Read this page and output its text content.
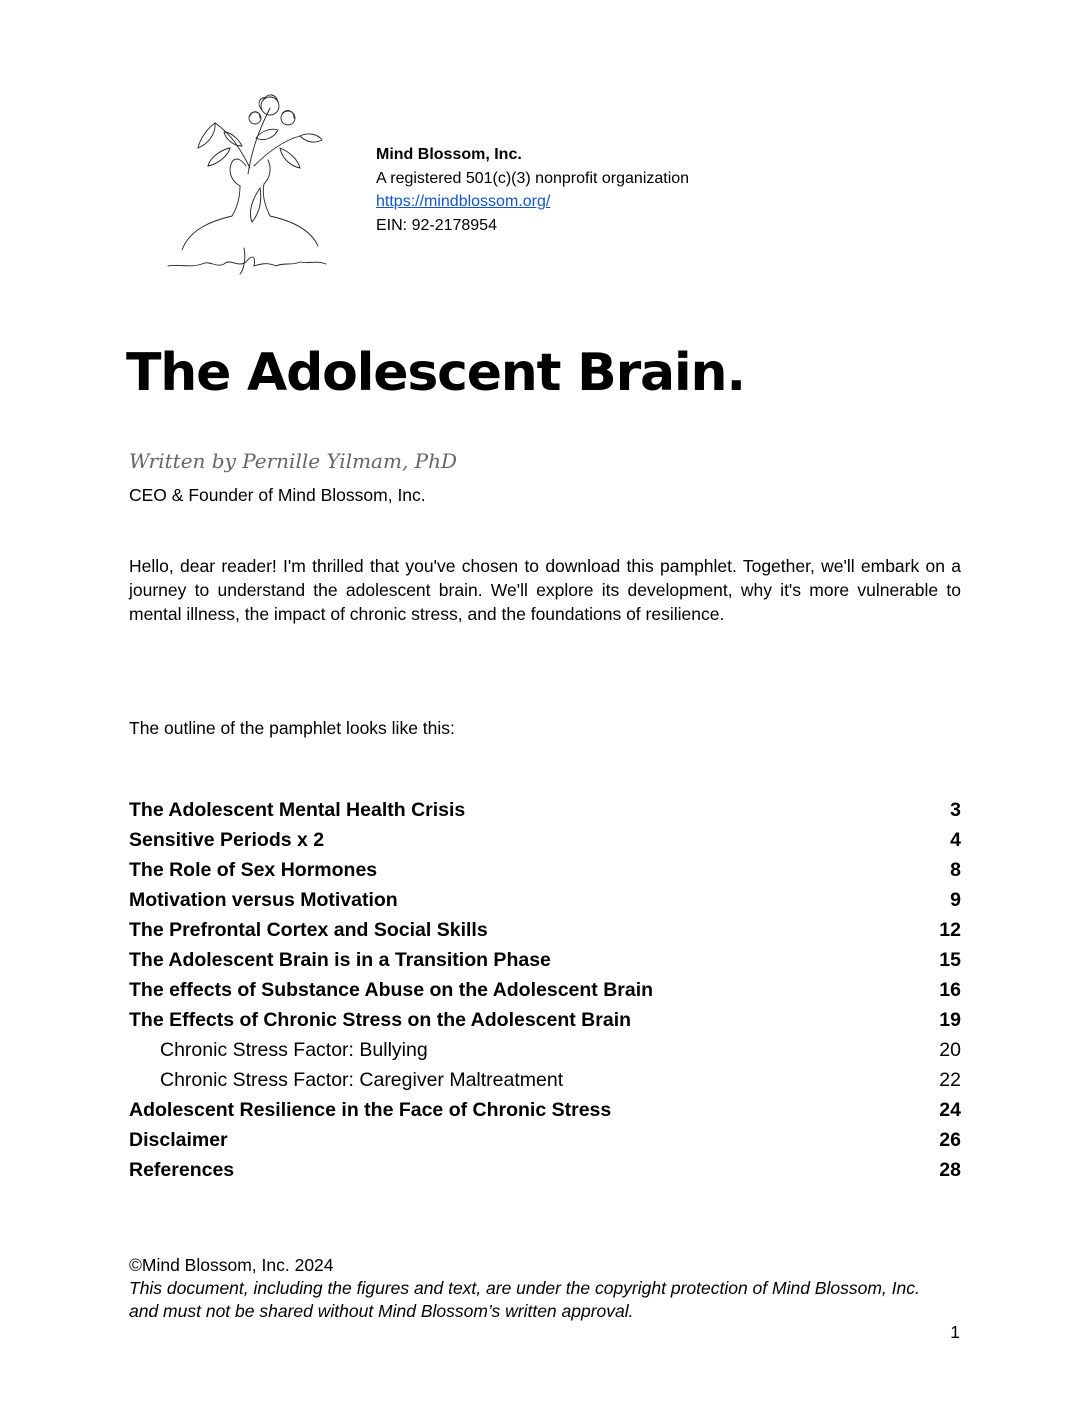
Mind Blossom, Inc.
A registered 501(c)(3) nonprofit organization
https://mindblossom.org/
EIN: 92-2178954
The Adolescent Brain.
Written by Pernille Yilmam, PhD
CEO & Founder of Mind Blossom, Inc.

Hello, dear reader! I'm thrilled that you've chosen to download this pamphlet. Together, we'll embark on a journey to understand the adolescent brain. We'll explore its development, why it's more vulnerable to mental illness, the impact of chronic stress, and the foundations of resilience.

The outline of the pamphlet looks like this:
The Adolescent Mental Health Crisis	3
Sensitive Periods x 2	4
The Role of Sex Hormones	8
Motivation versus Motivation	9
The Prefrontal Cortex and Social Skills	12
The Adolescent Brain is in a Transition Phase	15
The effects of Substance Abuse on the Adolescent Brain	16
The Effects of Chronic Stress on the Adolescent Brain	19
Chronic Stress Factor: Bullying	20
Chronic Stress Factor: Caregiver Maltreatment	22
Adolescent Resilience in the Face of Chronic Stress	24
Disclaimer	26
References	28
©Mind Blossom, Inc. 2024

This document, including the figures and text, are under the copyright protection of Mind Blossom, Inc. and must not be shared without Mind Blossom’s written approval.

1
